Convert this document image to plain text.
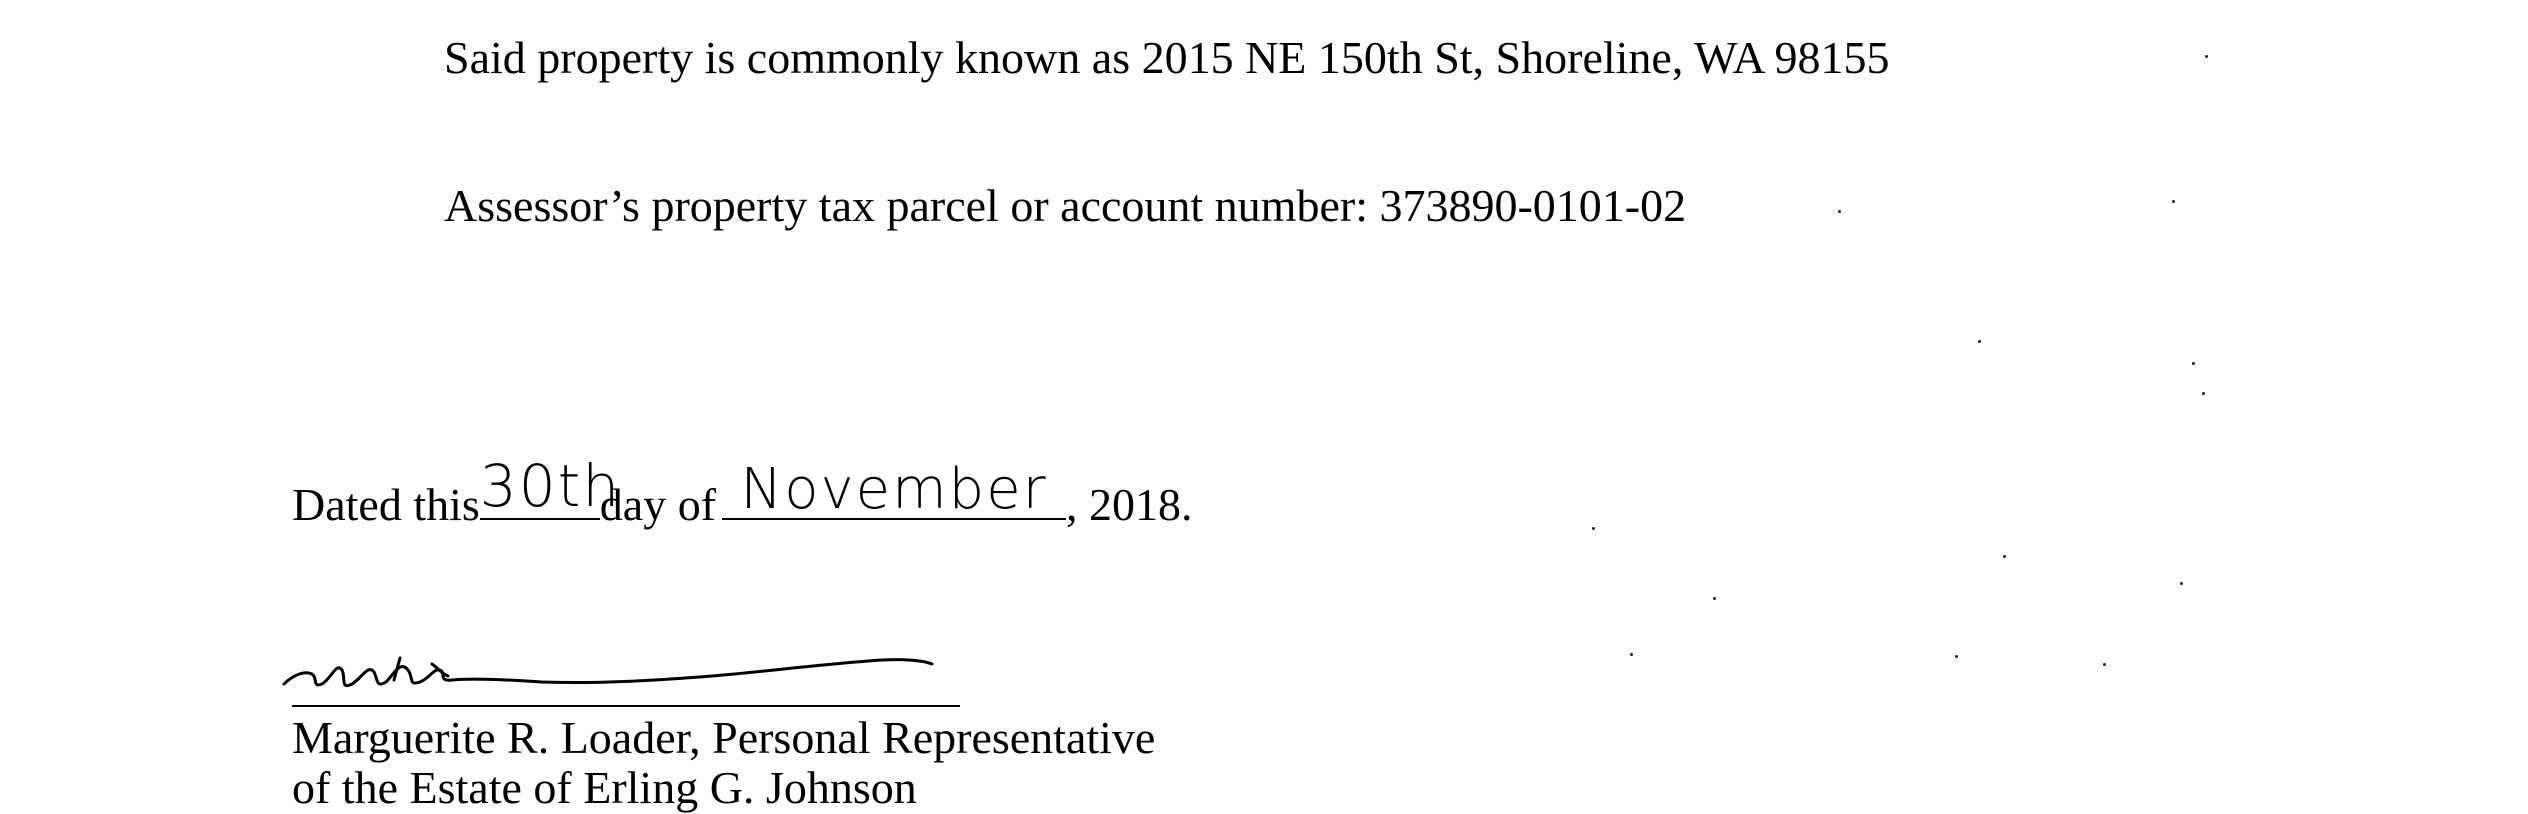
Said property is commonly known as 2015 NE 150th St, Shoreline, WA 98155
Assessor’s property tax parcel or account number: 373890-0101-02
Dated this 30th
day of November , 2018.
Marguerite R. Loader, Personal Representative
of the Estate of Erling G. Johnson
